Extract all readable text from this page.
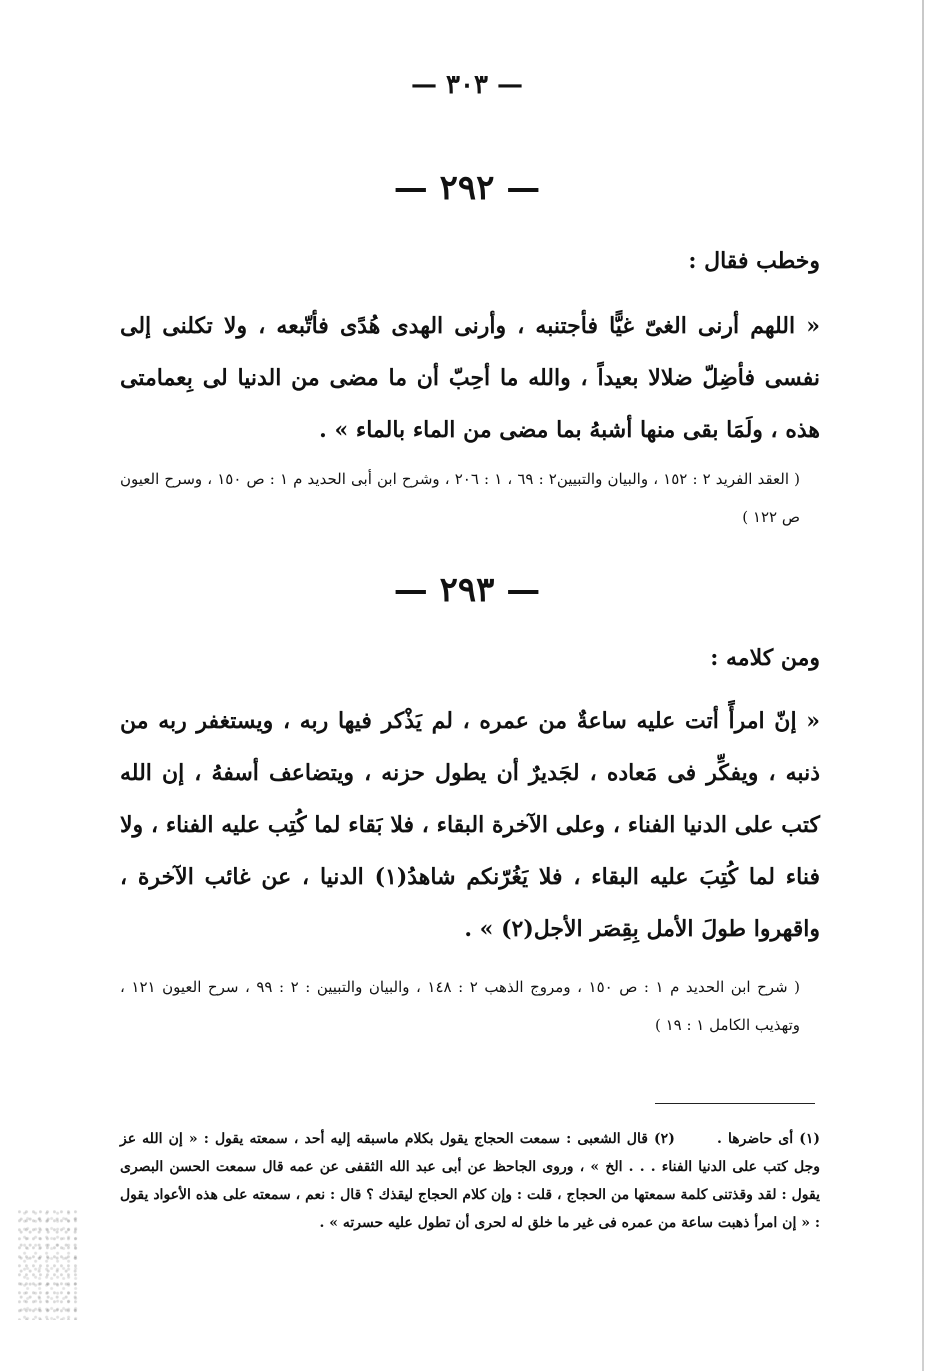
— ٣٠٣ —
— ٢٩٢ —
وخطب فقال :
« اللهم أرنى الغىّ غيًّا فأجتنبه ، وأرنى الهدى هُدًى فأتّبعه ، ولا تكلنى إلى نفسى فأضِلّ ضلالا بعيداً ، والله ما أحِبّ أن ما مضى من الدنيا لى بِعمامتى هذه ، ولَمَا بقى منها أشبهُ بما مضى من الماء بالماء » .
( العقد الفريد ٢ : ١٥٢ ، والبيان والتبيين٢ : ٦٩ ، ١ : ٢٠٦ ، وشرح ابن أبى الحديد م ١ : ص ١٥٠ ، وسرح العيون ص ١٢٢ )
— ٢٩٣ —
ومن كلامه :
« إنّ امرأً أتت عليه ساعةٌ من عمره ، لم يَذْكر فيها ربه ، ويستغفر ربه من ذنبه ، ويفكِّر فى مَعاده ، لجَديرٌ أن يطول حزنه ، ويتضاعف أسفهُ ، إن الله كتب على الدنيا الفناء ، وعلى الآخرة البقاء ، فلا بَقاء لما كُتِب عليه الفناء ، ولا فناء لما كُتِبَ عليه البقاء ، فلا يَغُرّنكم شاهدُ(١) الدنيا ، عن غائب الآخرة ، واقهروا طولَ الأمل بِقِصَر الأجل(٢) » .
( شرح ابن الحديد م ١ : ص ١٥٠ ، ومروج الذهب ٢ : ١٤٨ ، والبيان والتبيين : ٢ : ٩٩ ، سرح العيون ١٢١ ، وتهذيب الكامل ١ : ١٩ )
(١) أى حاضرها .  (٢) قال الشعبى : سمعت الحجاج يقول بكلام ماسبقه إليه أحد ، سمعته يقول : « إن الله عز وجل كتب على الدنيا الفناء . . . الخ » ، وروى الجاحظ عن أبى عبد الله الثقفى عن عمه قال سمعت الحسن البصرى يقول : لقد وقذتنى كلمة سمعتها من الحجاج ، قلت : وإن كلام الحجاج ليقذك ؟ قال : نعم ، سمعته على هذه الأعواد يقول : « إن امرأ ذهبت ساعة من عمره فى غير ما خلق له لحرى أن تطول عليه حسرته » .
